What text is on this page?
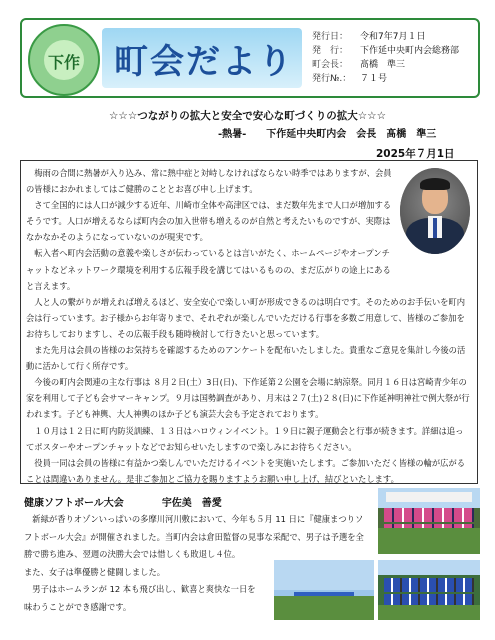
下作	町会だより
発行日： 令和7年7月１日
発　行： 下作延中央町内会総務部
町会長： 髙橋　準三
発行№.： ７１号
☆☆☆つながりの拡大と安全で安心な町づくりの拡大☆☆☆
-熱暑-　　下作延中央町内会　会長　髙橋　準三
2025年７月1日

梅雨の合間に熱暑が入り込み、常に熱中症と対峙しなければならない時季ではありますが、会員の皆様におかれましてはご健勝のこととお喜び申し上げます。

さて全国的には人口が減少する近年、川崎市全体や高津区では、まだ数年先まで人口が増加するそうです。人口が増えるならば町内会の加入世帯も増えるのが自然と考えたいものですが、実際はなかなかそのようになっていないのが現実です。

転入者へ町内会活動の意義や楽しさが伝わっているとは言いがたく、ホームページやオープンチャットなどネットワーク環境を利用する広報手段を講じてはいるものの、まだ広がりの途上にあると言えます。

人と人の繋がりが増えれば増えるほど、安全安心で楽しい町が形成できるのは明白です。そのためのお手伝いを町内会は行っています。お子様からお年寄りまで、それぞれが楽しんでいただける行事を多数ご用意して、皆様のご参加をお待ちしておりますし、その広報手段も随時検討して行きたいと思っています。

また先月は会員の皆様のお気持ちを確認するためのアンケートを配布いたしました。貴重なご意見を集計し今後の活動に活かして行く所存です。

今後の町内会関連の主な行事は ８月２日(土）3日(日)、下作延第２公園を会場に納涼祭。同月１６日は宮崎青少年の家を利用して子ども会サマーキャンプ。９月は国勢調査があり、月末は２７(土)２８(日)に下作延神明神社で例大祭が行われます。子ども神輿、大人神輿のほか子ども演芸大会も予定されております。

１０月は１２日に町内防災訓練、１３日はハロウィンイベント。１９日に親子運動会と行事が続きます。詳細は追ってポスターやオープンチャットなどでお知らせいたしますので楽しみにお待ちください。

役員一同は会員の皆様に有益かつ楽しんでいただけるイベントを実施いたします。ご参加いただく皆様の輪が広がることは間違いありません。是非ご参加とご協力を賜りますようお願い申し上げ、結びといたします。

健康ソフトボール大会	宇佐美　善愛

新緑が香りオゾンいっぱいの多摩川河川敷において、今年も５月 11 日に『健康まつりソフトボール大会』が開催されました。当町内会は倉田監督の見事な采配で、男子は予選を全勝で勝ち進み、翌週の決勝大会では惜しくも敗退し４位。

また、女子は準優勝と健闘しました。

男子はホームランが 12 本も飛び出し、歓喜と爽快な一日を味わうことができ感謝です。
